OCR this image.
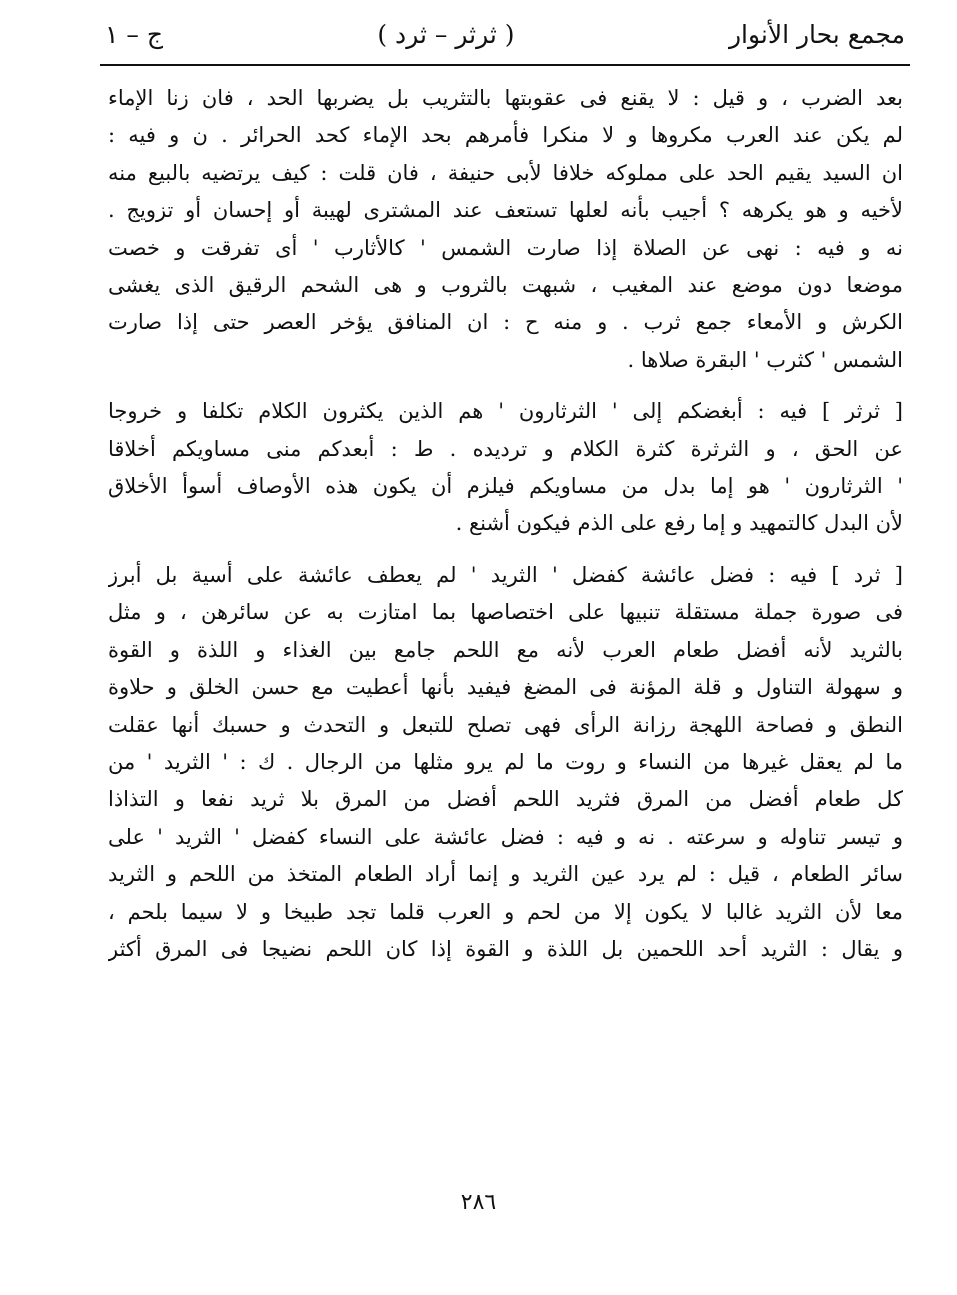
مجمع بحار الأنوار
( ثرثر – ثرد )
ج – ١

بعد الضرب ، و قيل : لا يقنع فى عقوبتها بالتثريب بل يضربها الحد ، فان زنا الإماء
لم يكن عند العرب مكروها و لا منكرا فأمرهم بحد الإماء كحد الحرائر . ن و فيه :
ان السيد يقيم الحد على مملوكه خلافا لأبى حنيفة ، فان قلت : كيف يرتضيه بالبيع منه
لأخيه و هو يكرهه ؟ أجيب بأنه لعلها تستعف عند المشترى لهيبة أو إحسان أو تزويج .
نه و فيه : نهى عن الصلاة إذا صارت الشمس ' كالأثارب ' أى تفرقت و خصت
موضعا دون موضع عند المغيب ، شبهت بالثروب و هى الشحم الرقيق الذى يغشى
الكرش و الأمعاء جمع ثرب . و منه ح : ان المنافق يؤخر العصر حتى إذا صارت
الشمس ' كثرب ' البقرة صلاها .

[ ثرثر ] فيه : أبغضكم إلى ' الثرثارون ' هم الذين يكثرون الكلام تكلفا و خروجا
عن الحق ، و الثرثرة كثرة الكلام و ترديده . ط : أبعدكم منى مساويكم أخلاقا
' الثرثارون ' هو إما بدل من مساويكم فيلزم أن يكون هذه الأوصاف أسوأ الأخلاق
لأن البدل كالتمهيد و إما رفع على الذم فيكون أشنع .

[ ثرد ] فيه : فضل عائشة كفضل ' الثريد ' لم يعطف عائشة على أسية بل أبرز
فى صورة جملة مستقلة تنبيها على اختصاصها بما امتازت به عن سائرهن ، و مثل
بالثريد لأنه أفضل طعام العرب لأنه مع اللحم جامع بين الغذاء و اللذة و القوة
و سهولة التناول و قلة المؤنة فى المضغ فيفيد بأنها أعطيت مع حسن الخلق و حلاوة
النطق و فصاحة اللهجة رزانة الرأى فهى تصلح للتبعل و التحدث و حسبك أنها عقلت
ما لم يعقل غيرها من النساء و روت ما لم يرو مثلها من الرجال . ك : ' الثريد ' من
كل طعام أفضل من المرق فثريد اللحم أفضل من المرق بلا ثريد نفعا و التذاذا
و تيسر تناوله و سرعته . نه و فيه : فضل عائشة على النساء كفضل ' الثريد ' على
سائر الطعام ، قيل : لم يرد عين الثريد و إنما أراد الطعام المتخذ من اللحم و الثريد
معا لأن الثريد غالبا لا يكون إلا من لحم و العرب قلما تجد طبيخا و لا سيما بلحم ،
و يقال : الثريد أحد اللحمين بل اللذة و القوة إذا كان اللحم نضيجا فى المرق أكثر

٢٨٦
